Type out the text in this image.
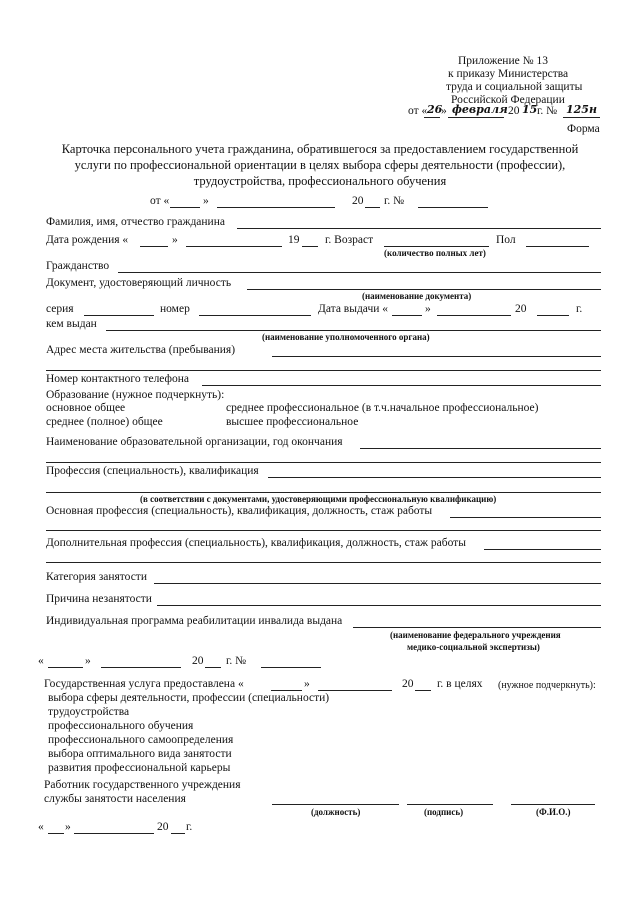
Приложение № 13
к приказу Министерства
труда и социальной защиты
Российской Федерации
от « 26
» февраля 20 15 г. № 125н
Форма
Карточка персонального учета гражданина, обратившегося за предоставлением государственной
услуги по профессиональной ориентации в целях выбора сферы деятельности (профессии),
трудоустройства, профессионального обучения
от «	»	20 г. №
Фамилия, имя, отчество гражданина
Дата рождения «	»	19 г. Возраст	Пол
(количество полных лет)
Гражданство
Документ, удостоверяющий личность
(наименование документа)
серия	номер	Дата выдачи «	»	20	г.
кем выдан
(наименование уполномоченного органа)
Адрес места жительства (пребывания)
Номер контактного телефона
Образование (нужное подчеркнуть):
основное общее	среднее профессиональное (в т.ч.начальное профессиональное)
среднее (полное) общее	высшее профессиональное
Наименование образовательной организации, год окончания
Профессия (специальность), квалификация
(в соответствии с документами, удостоверяющими профессиональную квалификацию)
Основная профессия (специальность), квалификация, должность, стаж работы
Дополнительная профессия (специальность), квалификация, должность, стаж работы
Категория занятости
Причина незанятости
Индивидуальная программа реабилитации инвалида выдана
(наименование федерального учреждения
медико-социальной экспертизы)
«	»	20 г. №
Государственная услуга предоставлена «	»	20 г. в целях (нужное подчеркнуть):
выбора сферы деятельности, профессии (специальности)
трудоустройства
профессионального обучения
профессионального самоопределения
выбора оптимального вида занятости
развития профессиональной карьеры
Работник государственного учреждения
службы занятости населения
(должность)	(подпись)	(Ф.И.О.)
« »	20 г.
